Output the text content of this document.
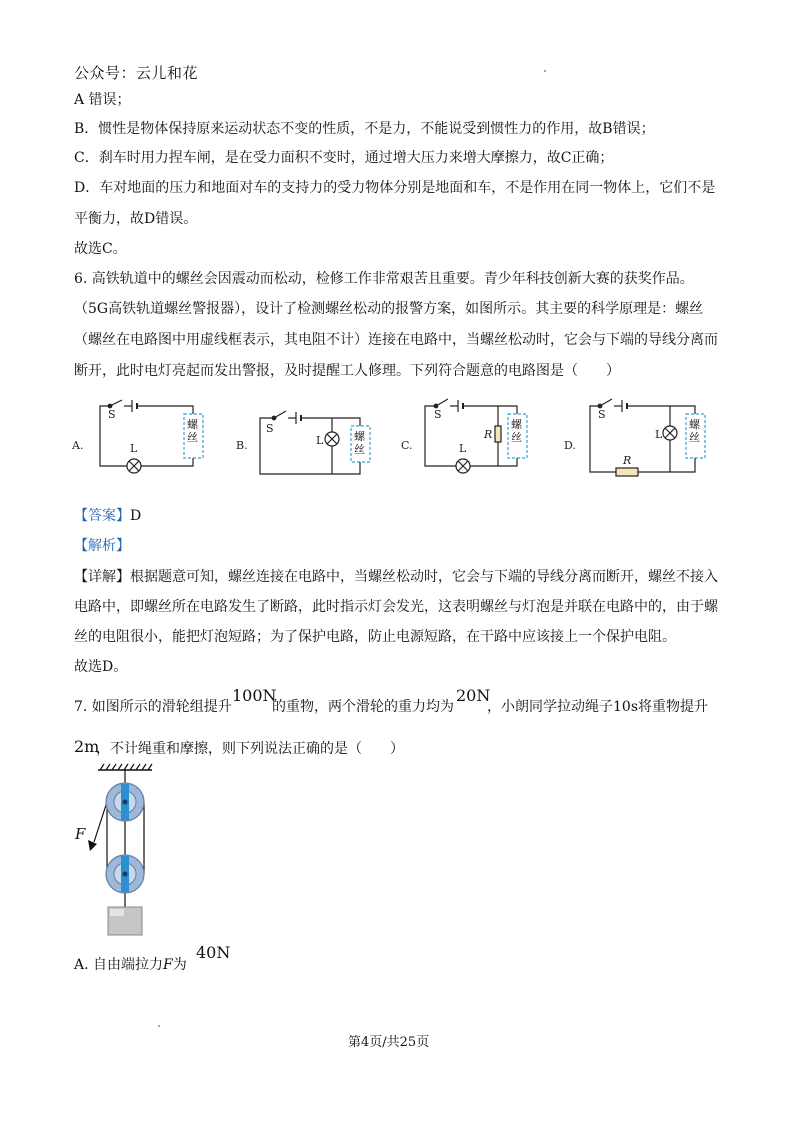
公众号：云儿和花
A 错误；
B．惯性是物体保持原来运动状态不变的性质，不是力，不能说受到惯性力的作用，故B错误；
C．刹车时用力捏车闸，是在受力面积不变时，通过增大压力来增大摩擦力，故C正确；
D．车对地面的压力和地面对车的支持力的受力物体分别是地面和车，不是作用在同一物体上，它们不是
平衡力，故D错误。
故选C。
6. 高铁轨道中的螺丝会因震动而松动，检修工作非常艰苦且重要。青少年科技创新大赛的获奖作品。
（5G高铁轨道螺丝警报器），设计了检测螺丝松动的报警方案，如图所示。其主要的科学原理是：螺丝
（螺丝在电路图中用虚线框表示，其电阻不计）连接在电路中，当螺丝松动时，它会与下端的导线分离而
断开，此时电灯亮起而发出警报，及时提醒工人修理。下列符合题意的电路图是（　　）
A.
S
L	B.
S
L	C.
S
L
R
D.
S
L
R
螺丝	螺丝
螺丝
螺丝
【答案】D
【解析】
【详解】根据题意可知，螺丝连接在电路中，当螺丝松动时，它会与下端的导线分离而断开，螺丝不接入
电路中，即螺丝所在电路发生了断路，此时指示灯会发光，这表明螺丝与灯泡是并联在电路中的，由于螺
丝的电阻很小，能把灯泡短路；为了保护电路，防止电源短路，在干路中应该接上一个保护电阻。
故选D。
7. 如图所示的滑轮组提升
100N
的重物，两个滑轮的重力均为
20N
，小朗同学拉动绳子10s将重物提升
2m
，不计绳重和摩擦，则下列说法正确的是（　　）
F
A. 自由端拉力F为
40N
第4页/共25页
